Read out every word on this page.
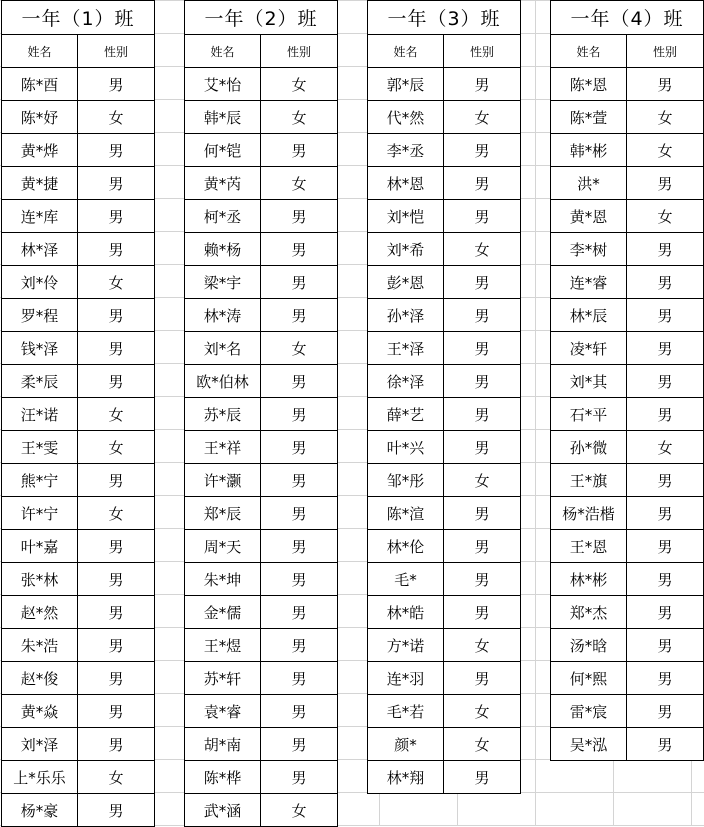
一年（1）班	
姓名	性别
陈*酉	男
陈*妤	女
黄*烨	男
黄*捷	男
连*库	男
林*泽	男
刘*伶	女
罗*程	男
钱*泽	男
柔*辰	男
汪*诺	女
王*雯	女
熊*宁	男
许*宁	女
叶*嘉	男
张*林	男
赵*然	男
朱*浩	男
赵*俊	男
黄*焱	男
刘*泽	男
上*乐乐	女
杨*豪	男
一年（2）班	
姓名	性别
艾*怡	女
韩*辰	女
何*铠	男
黄*芮	女
柯*丞	男
赖*杨	男
梁*宇	男
林*涛	男
刘*名	女
欧*伯林	男
苏*辰	男
王*祥	男
许*灏	男
郑*辰	男
周*天	男
朱*坤	男
金*儒	男
王*煜	男
苏*轩	男
袁*睿	男
胡*南	男
陈*桦	男
武*涵	女
一年（3）班	
姓名	性别
郭*辰	男
代*然	女
李*丞	男
林*恩	男
刘*恺	男
刘*希	女
彭*恩	男
孙*泽	男
王*泽	男
徐*泽	男
薛*艺	男
叶*兴	男
邹*彤	女
陈*渲	男
林*伦	男
毛*	男
林*皓	男
方*诺	女
连*羽	男
毛*若	女
颜*	女
林*翔	男
一年（4）班	
姓名	性别
陈*恩	男
陈*萱	女
韩*彬	女
洪*	男
黄*恩	女
李*树	男
连*睿	男
林*辰	男
凌*轩	男
刘*其	男
石*平	男
孙*微	女
王*旗	男
杨*浩楷	男
王*恩	男
林*彬	男
郑*杰	男
汤*晗	男
何*熙	男
雷*宸	男
吴*泓	男
